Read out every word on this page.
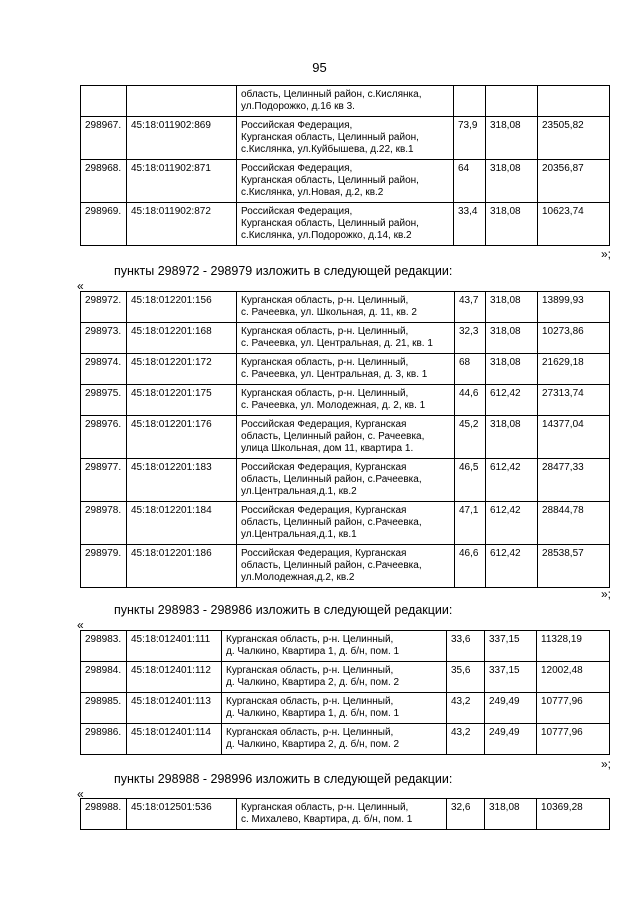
95
		область, Целинный район, с.Кислянка,
ул.Подорожко, д.16 кв 3.			
298967.	45:18:011902:869	Российская Федерация,
Курганская область, Целинный район,
с.Кислянка, ул.Куйбышева, д.22, кв.1	73,9	318,08	23505,82
298968.	45:18:011902:871	Российская Федерация,
Курганская область, Целинный район,
с.Кислянка, ул.Новая, д.2, кв.2	64	318,08	20356,87
298969.	45:18:011902:872	Российская Федерация,
Курганская область, Целинный район,
с.Кислянка, ул.Подорожко, д.14, кв.2	33,4	318,08	10623,74
»;
пункты 298972 - 298979 изложить в следующей редакции:
«
298972.	45:18:012201:156	Курганская область, р-н. Целинный,
с. Рачеевка, ул. Школьная, д. 11, кв. 2	43,7	318,08	13899,93
298973.	45:18:012201:168	Курганская область, р-н. Целинный,
с. Рачеевка, ул. Центральная, д. 21, кв. 1	32,3	318,08	10273,86
298974.	45:18:012201:172	Курганская область, р-н. Целинный,
с. Рачеевка, ул. Центральная, д. 3, кв. 1	68	318,08	21629,18
298975.	45:18:012201:175	Курганская область, р-н. Целинный,
с. Рачеевка, ул. Молодежная, д. 2, кв. 1	44,6	612,42	27313,74
298976.	45:18:012201:176	Российская Федерация, Курганская
область, Целинный район, с. Рачеевка,
улица Школьная, дом 11, квартира 1.	45,2	318,08	14377,04
298977.	45:18:012201:183	Российская Федерация, Курганская
область, Целинный район, с.Рачеевка,
ул.Центральная,д.1, кв.2	46,5	612,42	28477,33
298978.	45:18:012201:184	Российская Федерация, Курганская
область, Целинный район, с.Рачеевка,
ул.Центральная,д.1, кв.1	47,1	612,42	28844,78
298979.	45:18:012201:186	Российская Федерация, Курганская
область, Целинный район, с.Рачеевка,
ул.Молодежная,д.2, кв.2	46,6	612,42	28538,57
»;
пункты 298983 - 298986 изложить в следующей редакции:
«
298983.	45:18:012401:111	Курганская область, р-н. Целинный,
д. Чалкино, Квартира 1, д. б/н, пом. 1	33,6	337,15	11328,19
298984.	45:18:012401:112	Курганская область, р-н. Целинный,
д. Чалкино, Квартира 2, д. б/н, пом. 2	35,6	337,15	12002,48
298985.	45:18:012401:113	Курганская область, р-н. Целинный,
д. Чалкино, Квартира 1, д. б/н, пом. 1	43,2	249,49	10777,96
298986.	45:18:012401:114	Курганская область, р-н. Целинный,
д. Чалкино, Квартира 2, д. б/н, пом. 2	43,2	249,49	10777,96
»;
пункты 298988 - 298996 изложить в следующей редакции:
«
298988.	45:18:012501:536	Курганская область, р-н. Целинный,
с. Михалево, Квартира, д. б/н, пом. 1	32,6	318,08	10369,28
